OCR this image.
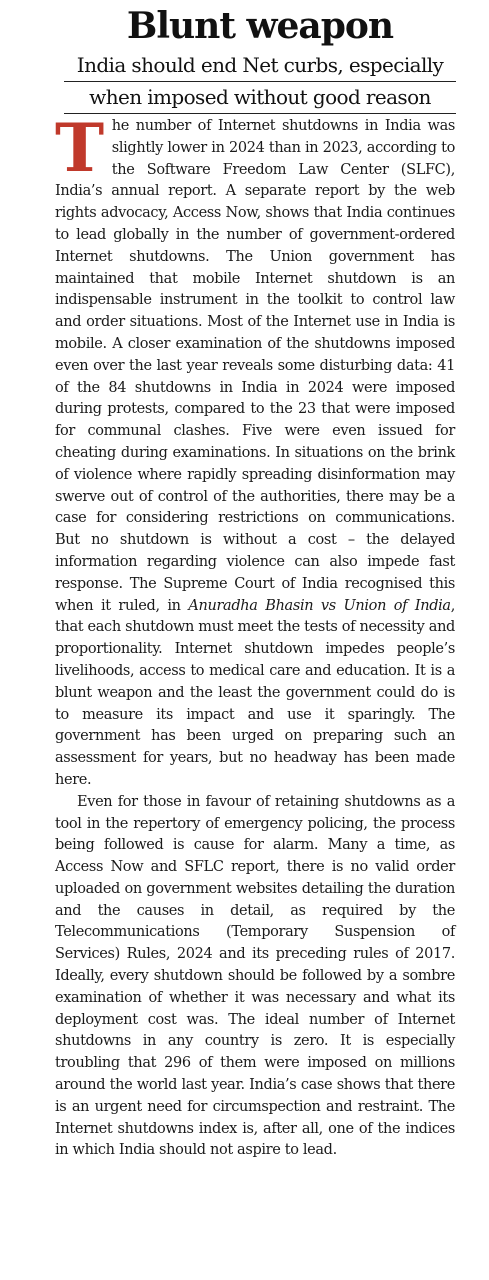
Blunt weapon
India should end Net curbs, especially
when imposed without good reason

The number of Internet shutdowns in India was slightly lower in 2024 than in 2023, according to the Software Freedom Law Center (SLFC), India’s annual report. A separate report by the web rights advocacy, Access Now, shows that India continues to lead globally in the number of government-ordered Internet shutdowns. The Union government has maintained that mobile Internet shutdown is an indispensable instrument in the toolkit to control law and order situations. Most of the Internet use in India is mobile. A closer examination of the shutdowns imposed even over the last year reveals some disturbing data: 41 of the 84 shutdowns in India in 2024 were imposed during protests, compared to the 23 that were imposed for communal clashes. Five were even issued for cheating during examinations. In situations on the brink of violence where rapidly spreading disinformation may swerve out of control of the authorities, there may be a case for considering restrictions on communications. But no shutdown is without a cost – the delayed information regarding violence can also impede fast response. The Supreme Court of India recognised this when it ruled, in Anuradha Bhasin vs Union of India, that each shutdown must meet the tests of necessity and proportionality. Internet shutdown impedes people’s livelihoods, access to medical care and education. It is a blunt weapon and the least the government could do is to measure its impact and use it sparingly. The government has been urged on preparing such an assessment for years, but no headway has been made here.

Even for those in favour of retaining shutdowns as a tool in the repertory of emergency policing, the process being followed is cause for alarm. Many a time, as Access Now and SFLC report, there is no valid order uploaded on government websites detailing the duration and the causes in detail, as required by the Telecommunications (Temporary Suspension of Services) Rules, 2024 and its preceding rules of 2017. Ideally, every shutdown should be followed by a sombre examination of whether it was necessary and what its deployment cost was. The ideal number of Internet shutdowns in any country is zero. It is especially troubling that 296 of them were imposed on millions around the world last year. India’s case shows that there is an urgent need for circumspection and restraint. The Internet shutdowns index is, after all, one of the indices in which India should not aspire to lead.
